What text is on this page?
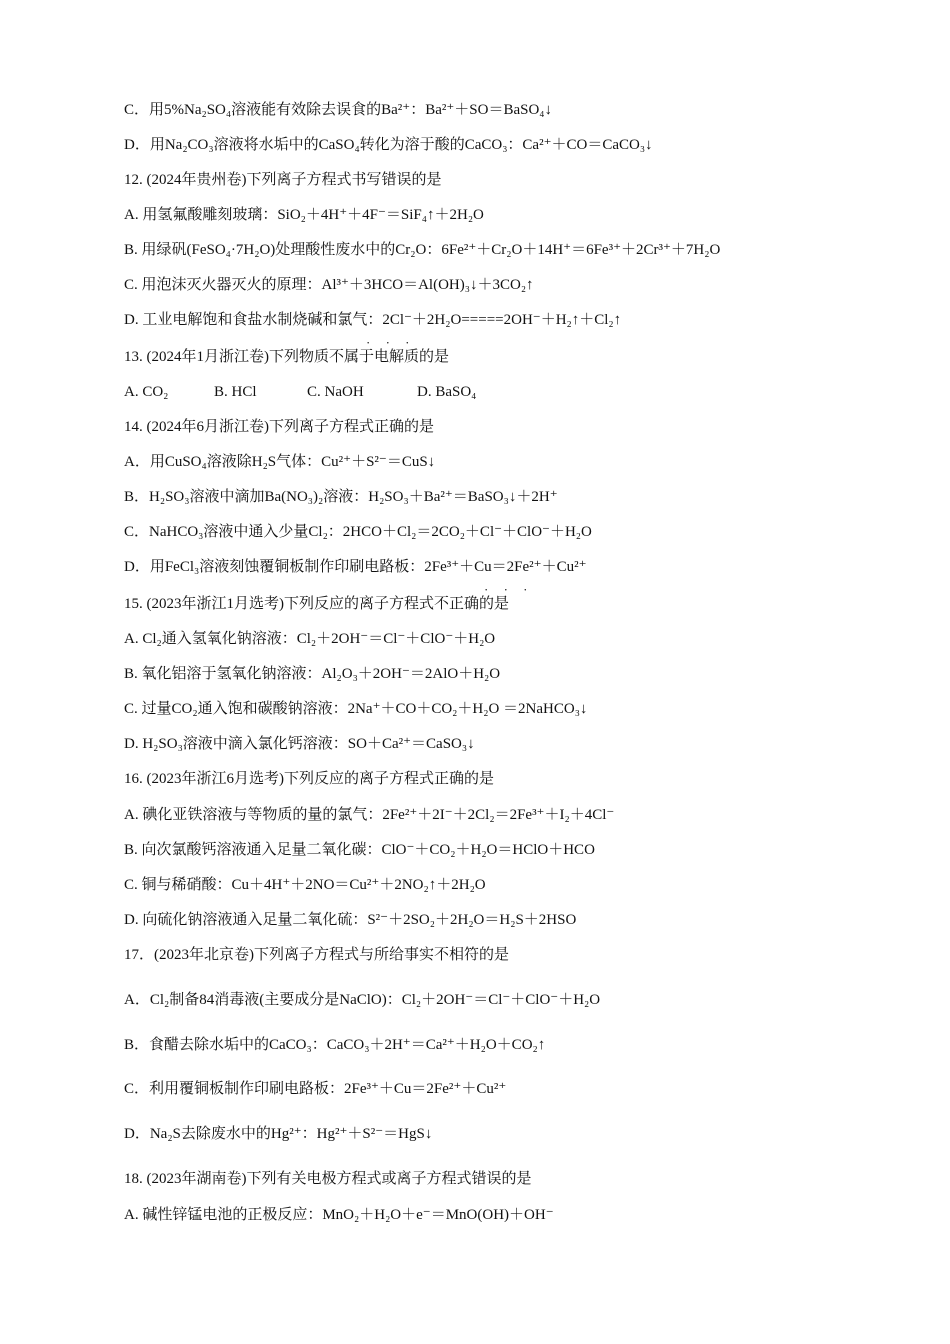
C．用5%Na₂SO₄溶液能有效除去误食的Ba²⁺：Ba²⁺＋SO＝BaSO₄↓
D．用Na₂CO₃溶液将水垢中的CaSO₄转化为溶于酸的CaCO₃：Ca²⁺＋CO＝CaCO₃↓
12. (2024年贵州卷)下列离子方程式书写错误的是
A. 用氢氟酸雕刻玻璃：SiO₂＋4H⁺＋4F⁻＝SiF₄↑＋2H₂O
B. 用绿矾(FeSO₄·7H₂O)处理酸性废水中的Cr₂O：6Fe²⁺＋Cr₂O＋14H⁺＝6Fe³⁺＋2Cr³⁺＋7H₂O
C. 用泡沫灭火器灭火的原理：Al³⁺＋3HCO＝Al(OH)₃↓＋3CO₂↑
D. 工业电解饱和食盐水制烧碱和氯气：2Cl⁻＋2H₂O=====2OH⁻＋H₂↑＋Cl₂↑
· · ·
13. (2024年1月浙江卷)下列物质不属于电解质的是
A. CO₂	B. HCl	C. NaOH	D. BaSO₄
14. (2024年6月浙江卷)下列离子方程式正确的是
A．用CuSO₄溶液除H₂S气体：Cu²⁺＋S²⁻＝CuS↓
B．H₂SO₃溶液中滴加Ba(NO₃)₂溶液：H₂SO₃＋Ba²⁺＝BaSO₃↓＋2H⁺
C．NaHCO₃溶液中通入少量Cl₂：2HCO＋Cl₂＝2CO₂＋Cl⁻＋ClO⁻＋H₂O
D．用FeCl₃溶液刻蚀覆铜板制作印刷电路板：2Fe³⁺＋Cu＝2Fe²⁺＋Cu²⁺
· · ·
15. (2023年浙江1月选考)下列反应的离子方程式不正确的是
A. Cl₂通入氢氧化钠溶液：Cl₂＋2OH⁻＝Cl⁻＋ClO⁻＋H₂O
B. 氧化铝溶于氢氧化钠溶液：Al₂O₃＋2OH⁻＝2AlO＋H₂O
C. 过量CO₂通入饱和碳酸钠溶液：2Na⁺＋CO＋CO₂＋H₂O ＝2NaHCO₃↓
D. H₂SO₃溶液中滴入氯化钙溶液：SO＋Ca²⁺＝CaSO₃↓
16. (2023年浙江6月选考)下列反应的离子方程式正确的是
A. 碘化亚铁溶液与等物质的量的氯气：2Fe²⁺＋2I⁻＋2Cl₂＝2Fe³⁺＋I₂＋4Cl⁻
B. 向次氯酸钙溶液通入足量二氧化碳：ClO⁻＋CO₂＋H₂O＝HClO＋HCO
C. 铜与稀硝酸：Cu＋4H⁺＋2NO＝Cu²⁺＋2NO₂↑＋2H₂O
D. 向硫化钠溶液通入足量二氧化硫：S²⁻＋2SO₂＋2H₂O＝H₂S＋2HSO
17．(2023年北京卷)下列离子方程式与所给事实不相符的是
A．Cl₂制备84消毒液(主要成分是NaClO)：Cl₂＋2OH⁻＝Cl⁻＋ClO⁻＋H₂O
B．食醋去除水垢中的CaCO₃：CaCO₃＋2H⁺＝Ca²⁺＋H₂O＋CO₂↑
C．利用覆铜板制作印刷电路板：2Fe³⁺＋Cu＝2Fe²⁺＋Cu²⁺
D．Na₂S去除废水中的Hg²⁺：Hg²⁺＋S²⁻＝HgS↓
18. (2023年湖南卷)下列有关电极方程式或离子方程式错误的是
A. 碱性锌锰电池的正极反应：MnO₂＋H₂O＋e⁻＝MnO(OH)＋OH⁻
